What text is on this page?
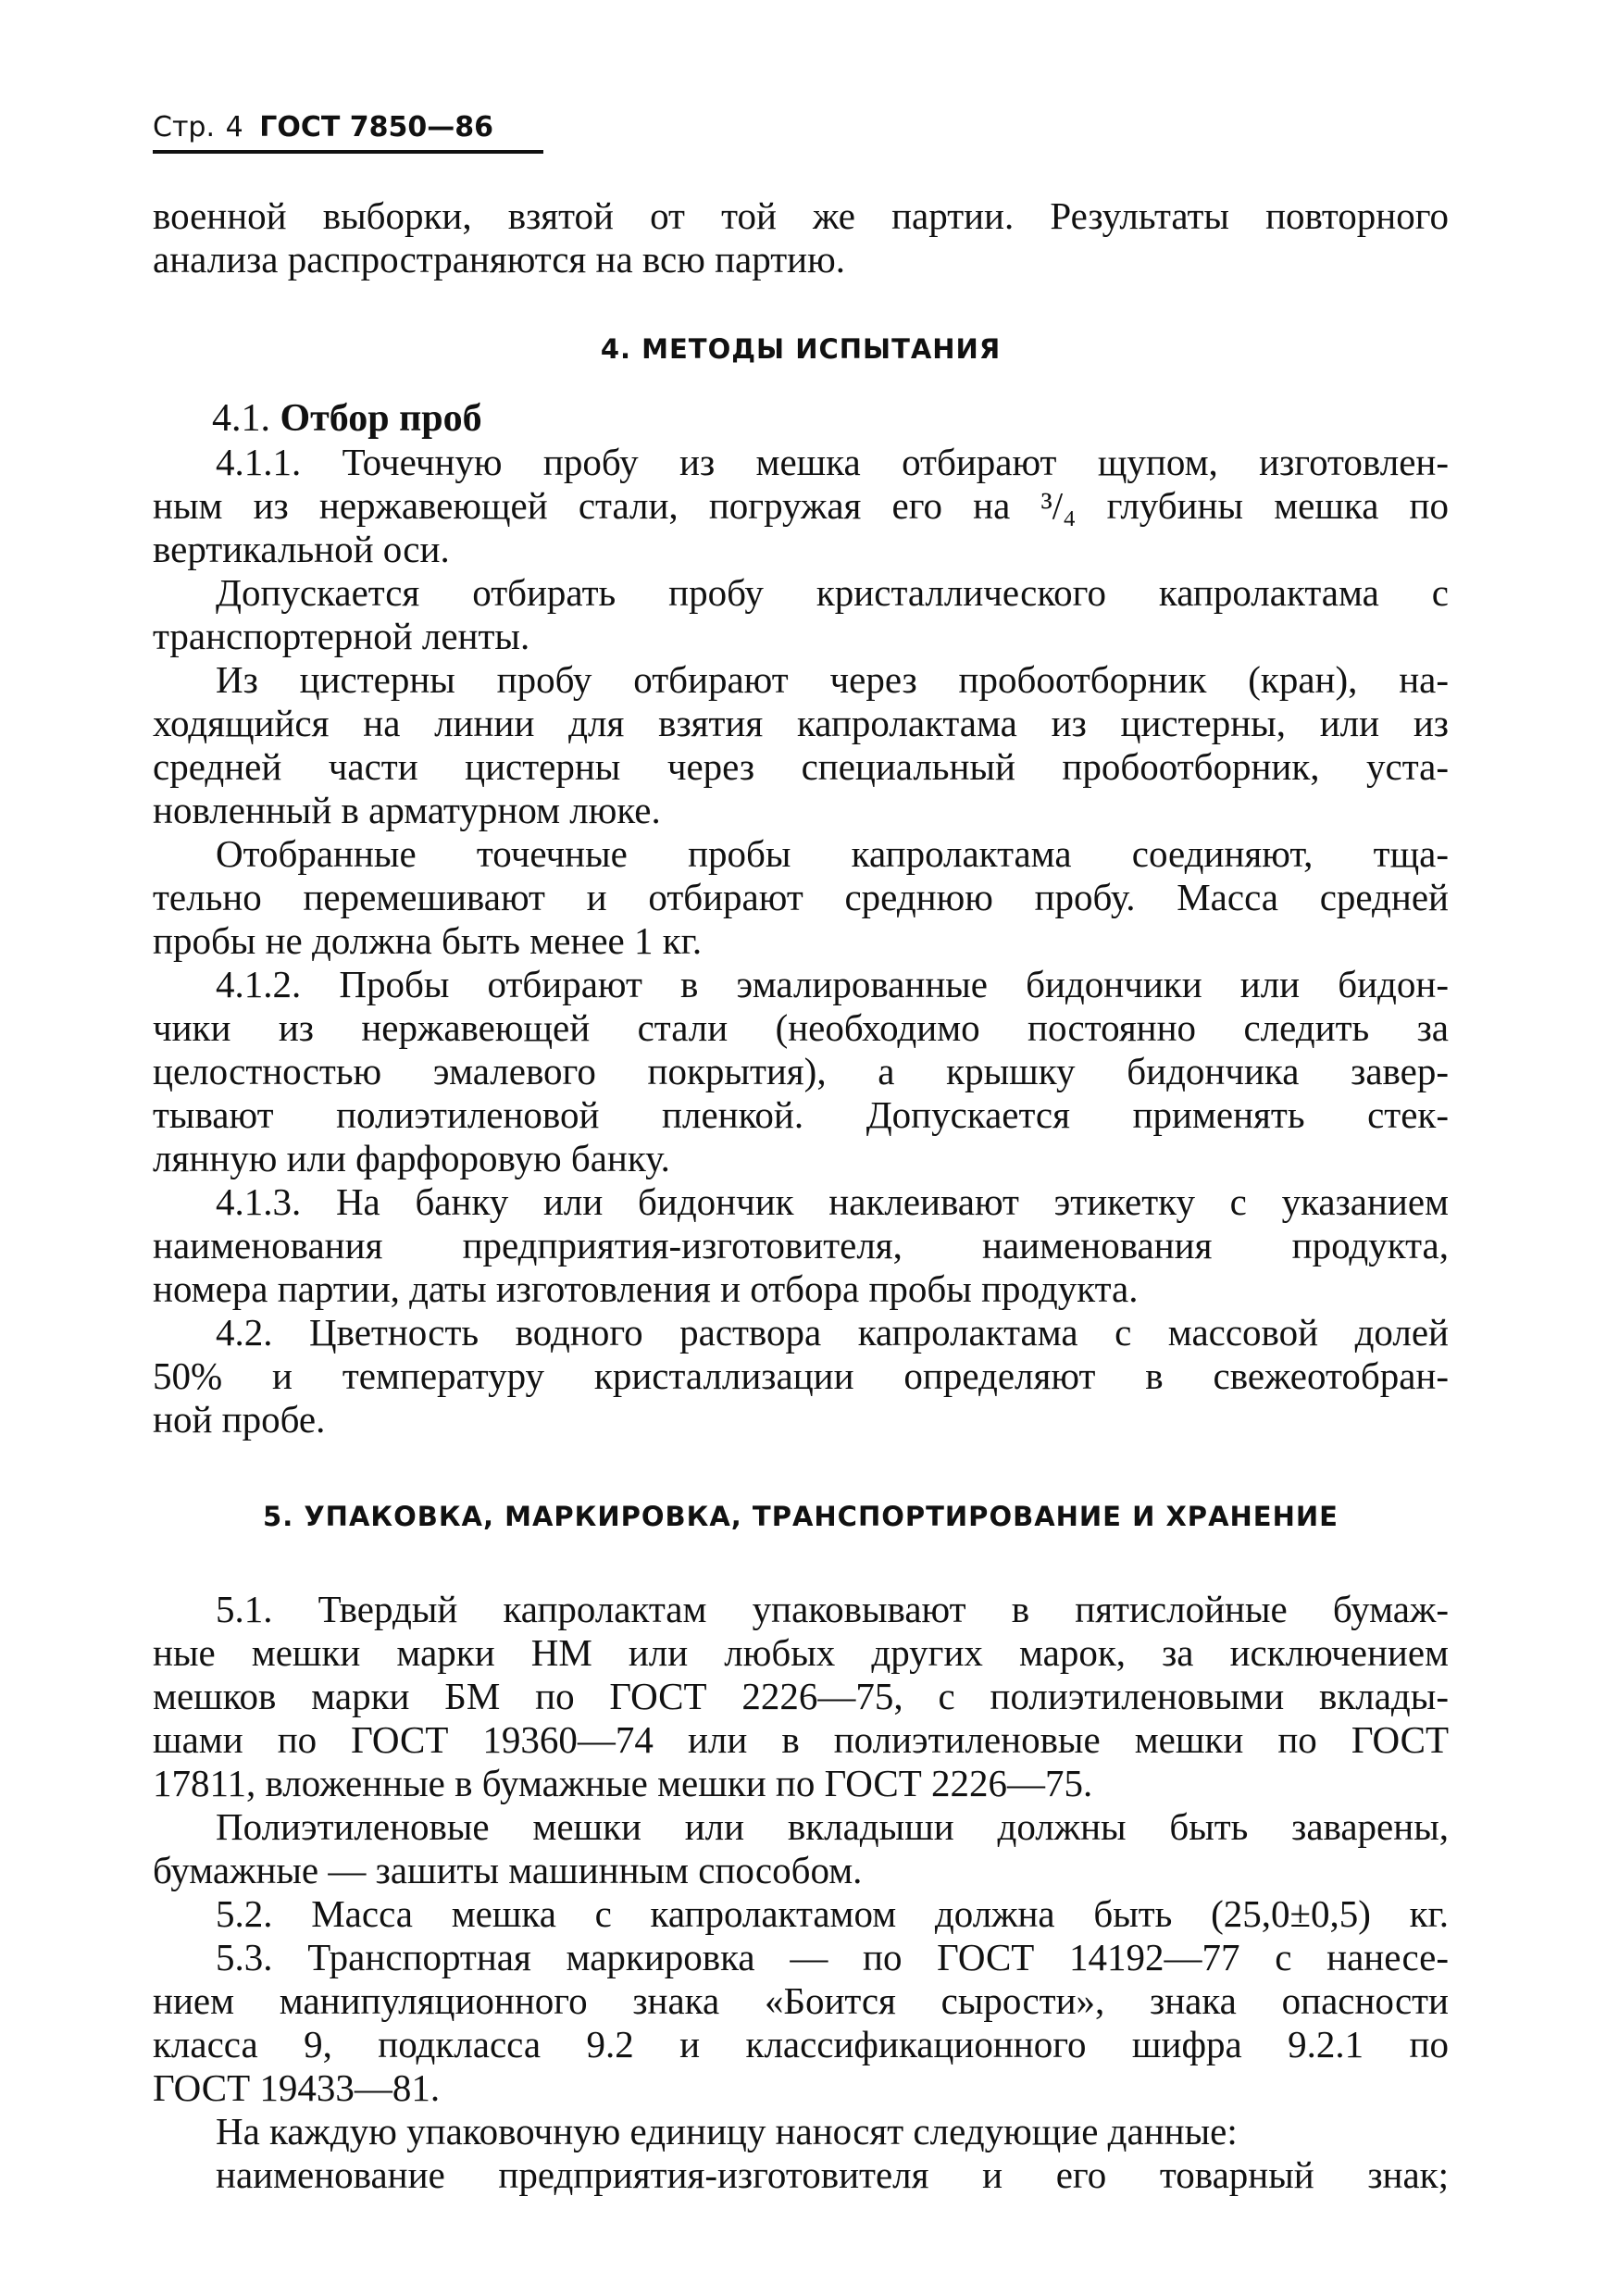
Стр. 4 ГОСТ 7850—86

военной выборки, взятой от той же партии. Результаты повторного

анализа распространяются на всю партию.

4. МЕТОДЫ ИСПЫТАНИЯ

4.1. Отбор проб

4.1.1. Точечную пробу из мешка отбирают щупом, изготовлен-

ным из нержавеющей стали, погружая его на ³/₄ глубины мешка по

вертикальной оси.

Допускается отбирать пробу кристаллического капролактама с

транспортерной ленты.

Из цистерны пробу отбирают через пробоотборник (кран), на-

ходящийся на линии для взятия капролактама из цистерны, или из

средней части цистерны через специальный пробоотборник, уста-

новленный в арматурном люке.

Отобранные точечные пробы капролактама соединяют, тща-

тельно перемешивают и отбирают среднюю пробу. Масса средней

пробы не должна быть менее 1 кг.

4.1.2. Пробы отбирают в эмалированные бидончики или бидон-

чики из нержавеющей стали (необходимо постоянно следить за

целостностью эмалевого покрытия), а крышку бидончика завер-

тывают полиэтиленовой пленкой. Допускается применять стек-

лянную или фарфоровую банку.

4.1.3. На банку или бидончик наклеивают этикетку с указанием

наименования предприятия-изготовителя, наименования продукта,

номера партии, даты изготовления и отбора пробы продукта.

4.2. Цветность водного раствора капролактама с массовой долей

50% и температуру кристаллизации определяют в свежеотобран-

ной пробе.

5. УПАКОВКА, МАРКИРОВКА, ТРАНСПОРТИРОВАНИЕ И ХРАНЕНИЕ

5.1. Твердый капролактам упаковывают в пятислойные бумаж-

ные мешки марки НМ или любых других марок, за исключением

мешков марки БМ по ГОСТ 2226—75, с полиэтиленовыми вклады-

шами по ГОСТ 19360—74 или в полиэтиленовые мешки по ГОСТ

17811, вложенные в бумажные мешки по ГОСТ 2226—75.

Полиэтиленовые мешки или вкладыши должны быть заварены,

бумажные — зашиты машинным способом.

5.2. Масса мешка с капролактамом должна быть (25,0±0,5) кг.

5.3. Транспортная маркировка — по ГОСТ 14192—77 с нанесе-

нием манипуляционного знака «Боится сырости», знака опасности

класса 9, подкласса 9.2 и классификационного шифра 9.2.1 по

ГОСТ 19433—81.

На каждую упаковочную единицу наносят следующие данные:

наименование предприятия-изготовителя и его товарный знак;
